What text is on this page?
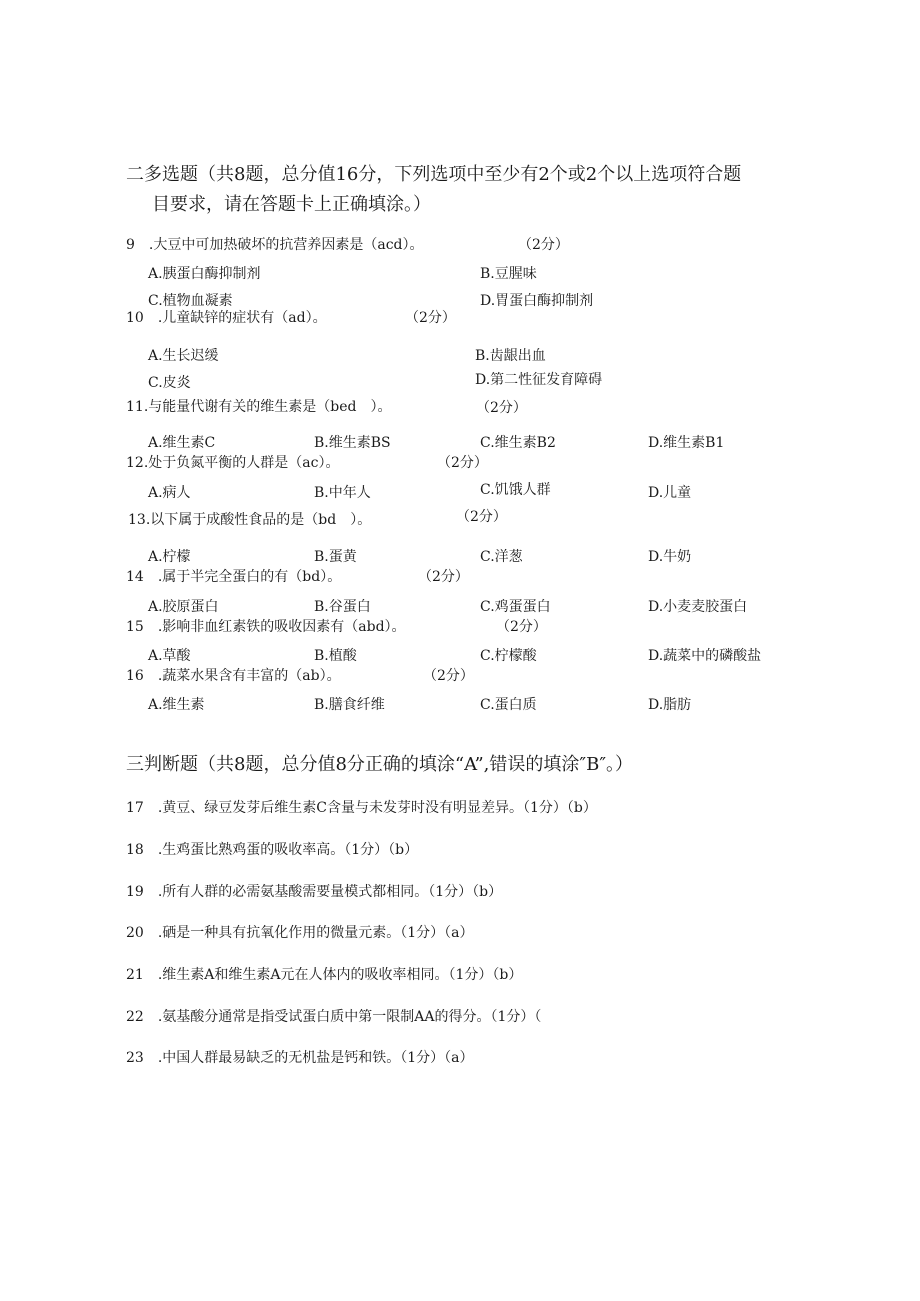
二多选题（共8题，总分值16分，下列选项中至少有2个或2个以上选项符合题
目要求，请在答题卡上正确填涂。）
9　.大豆中可加热破坏的抗营养因素是（acd）。	（2分）
A.胰蛋白酶抑制剂	B.豆腥味
C.植物血凝素	D.胃蛋白酶抑制剂
10　.儿童缺锌的症状有（ad）。	（2分）
A.生长迟缓	B.齿龈出血
C.皮炎	D.第二性征发育障碍
11.与能量代谢有关的维生素是（bed　）。	（2分）
A.维生素C	B.维生素BS	C.维生素B2	D.维生素B1
12.处于负氮平衡的人群是（ac）。	（2分）
A.病人	B.中年人	C.饥饿人群	D.儿童
13.以下属于成酸性食品的是（bd　）。	（2分）
A.柠檬	B.蛋黄	C.洋葱	D.牛奶
14　.属于半完全蛋白的有（bd）。	（2分）
A.胶原蛋白	B.谷蛋白	C.鸡蛋蛋白	D.小麦麦胶蛋白
15　.影响非血红素铁的吸收因素有（abd）。	（2分）
A.草酸	B.植酸	C.柠檬酸	D.蔬菜中的磷酸盐
16　.蔬菜水果含有丰富的（ab）。	（2分）
A.维生素	B.膳食纤维	C.蛋白质	D.脂肪
三判断题（共8题，总分值8分正确的填涂“A”,错误的填涂″B″。）
17　.黄豆、绿豆发芽后维生素C含量与未发芽时没有明显差异。（1分）（b）
18　.生鸡蛋比熟鸡蛋的吸收率高。（1分）（b）
19　.所有人群的必需氨基酸需要量模式都相同。（1分）（b）
20　.硒是一种具有抗氧化作用的微量元素。（1分）（a）
21　.维生素A和维生素A元在人体内的吸收率相同。（1分）（b）
22　.氨基酸分通常是指受试蛋白质中第一限制AA的得分。（1分）（
23　.中国人群最易缺乏的无机盐是钙和铁。（1分）（a）
